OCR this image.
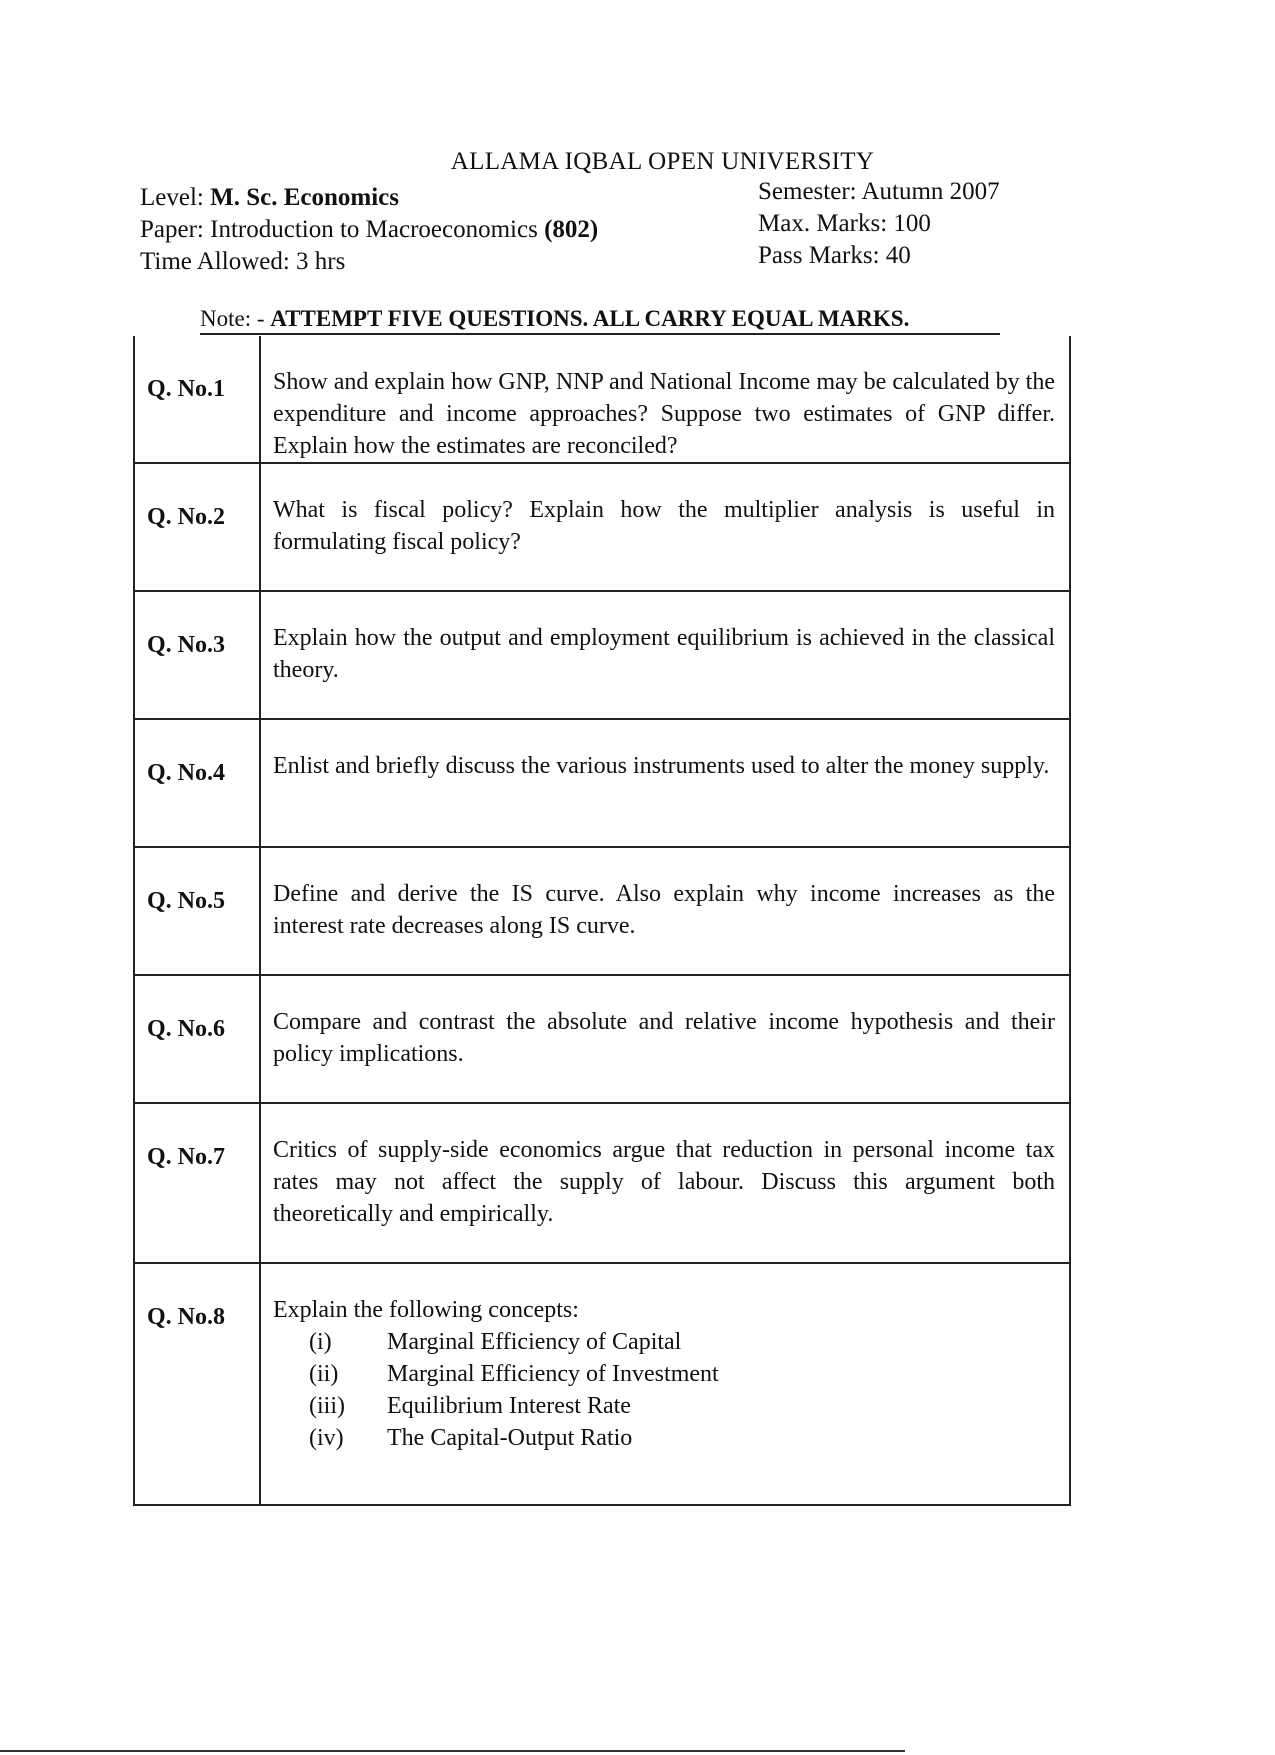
ALLAMA IQBAL OPEN UNIVERSITY
Level: M. Sc. Economics
Paper: Introduction to Macroeconomics (802)
Time Allowed: 3 hrs
Semester: Autumn 2007
Max. Marks: 100
Pass Marks: 40
Note: - ATTEMPT FIVE QUESTIONS. ALL CARRY EQUAL MARKS.
Q. No.1	Show and explain how GNP, NNP and National Income may be calculated by the expenditure and income approaches? Suppose two estimates of GNP differ. Explain how the estimates are reconciled?
Q. No.2	What is fiscal policy? Explain how the multiplier analysis is useful in formulating fiscal policy?
Q. No.3	Explain how the output and employment equilibrium is achieved in the classical theory.
Q. No.4	Enlist and briefly discuss the various instruments used to alter the money supply.
Q. No.5	Define and derive the IS curve. Also explain why income increases as the interest rate decreases along IS curve.
Q. No.6	Compare and contrast the absolute and relative income hypothesis and their policy implications.
Q. No.7	Critics of supply-side economics argue that reduction in personal income tax rates may not affect the supply of labour. Discuss this argument both theoretically and empirically.
Q. No.8	Explain the following concepts:
(i)	Marginal Efficiency of Capital
(ii)	Marginal Efficiency of Investment
(iii)	Equilibrium Interest Rate
(iv)	The Capital-Output Ratio
